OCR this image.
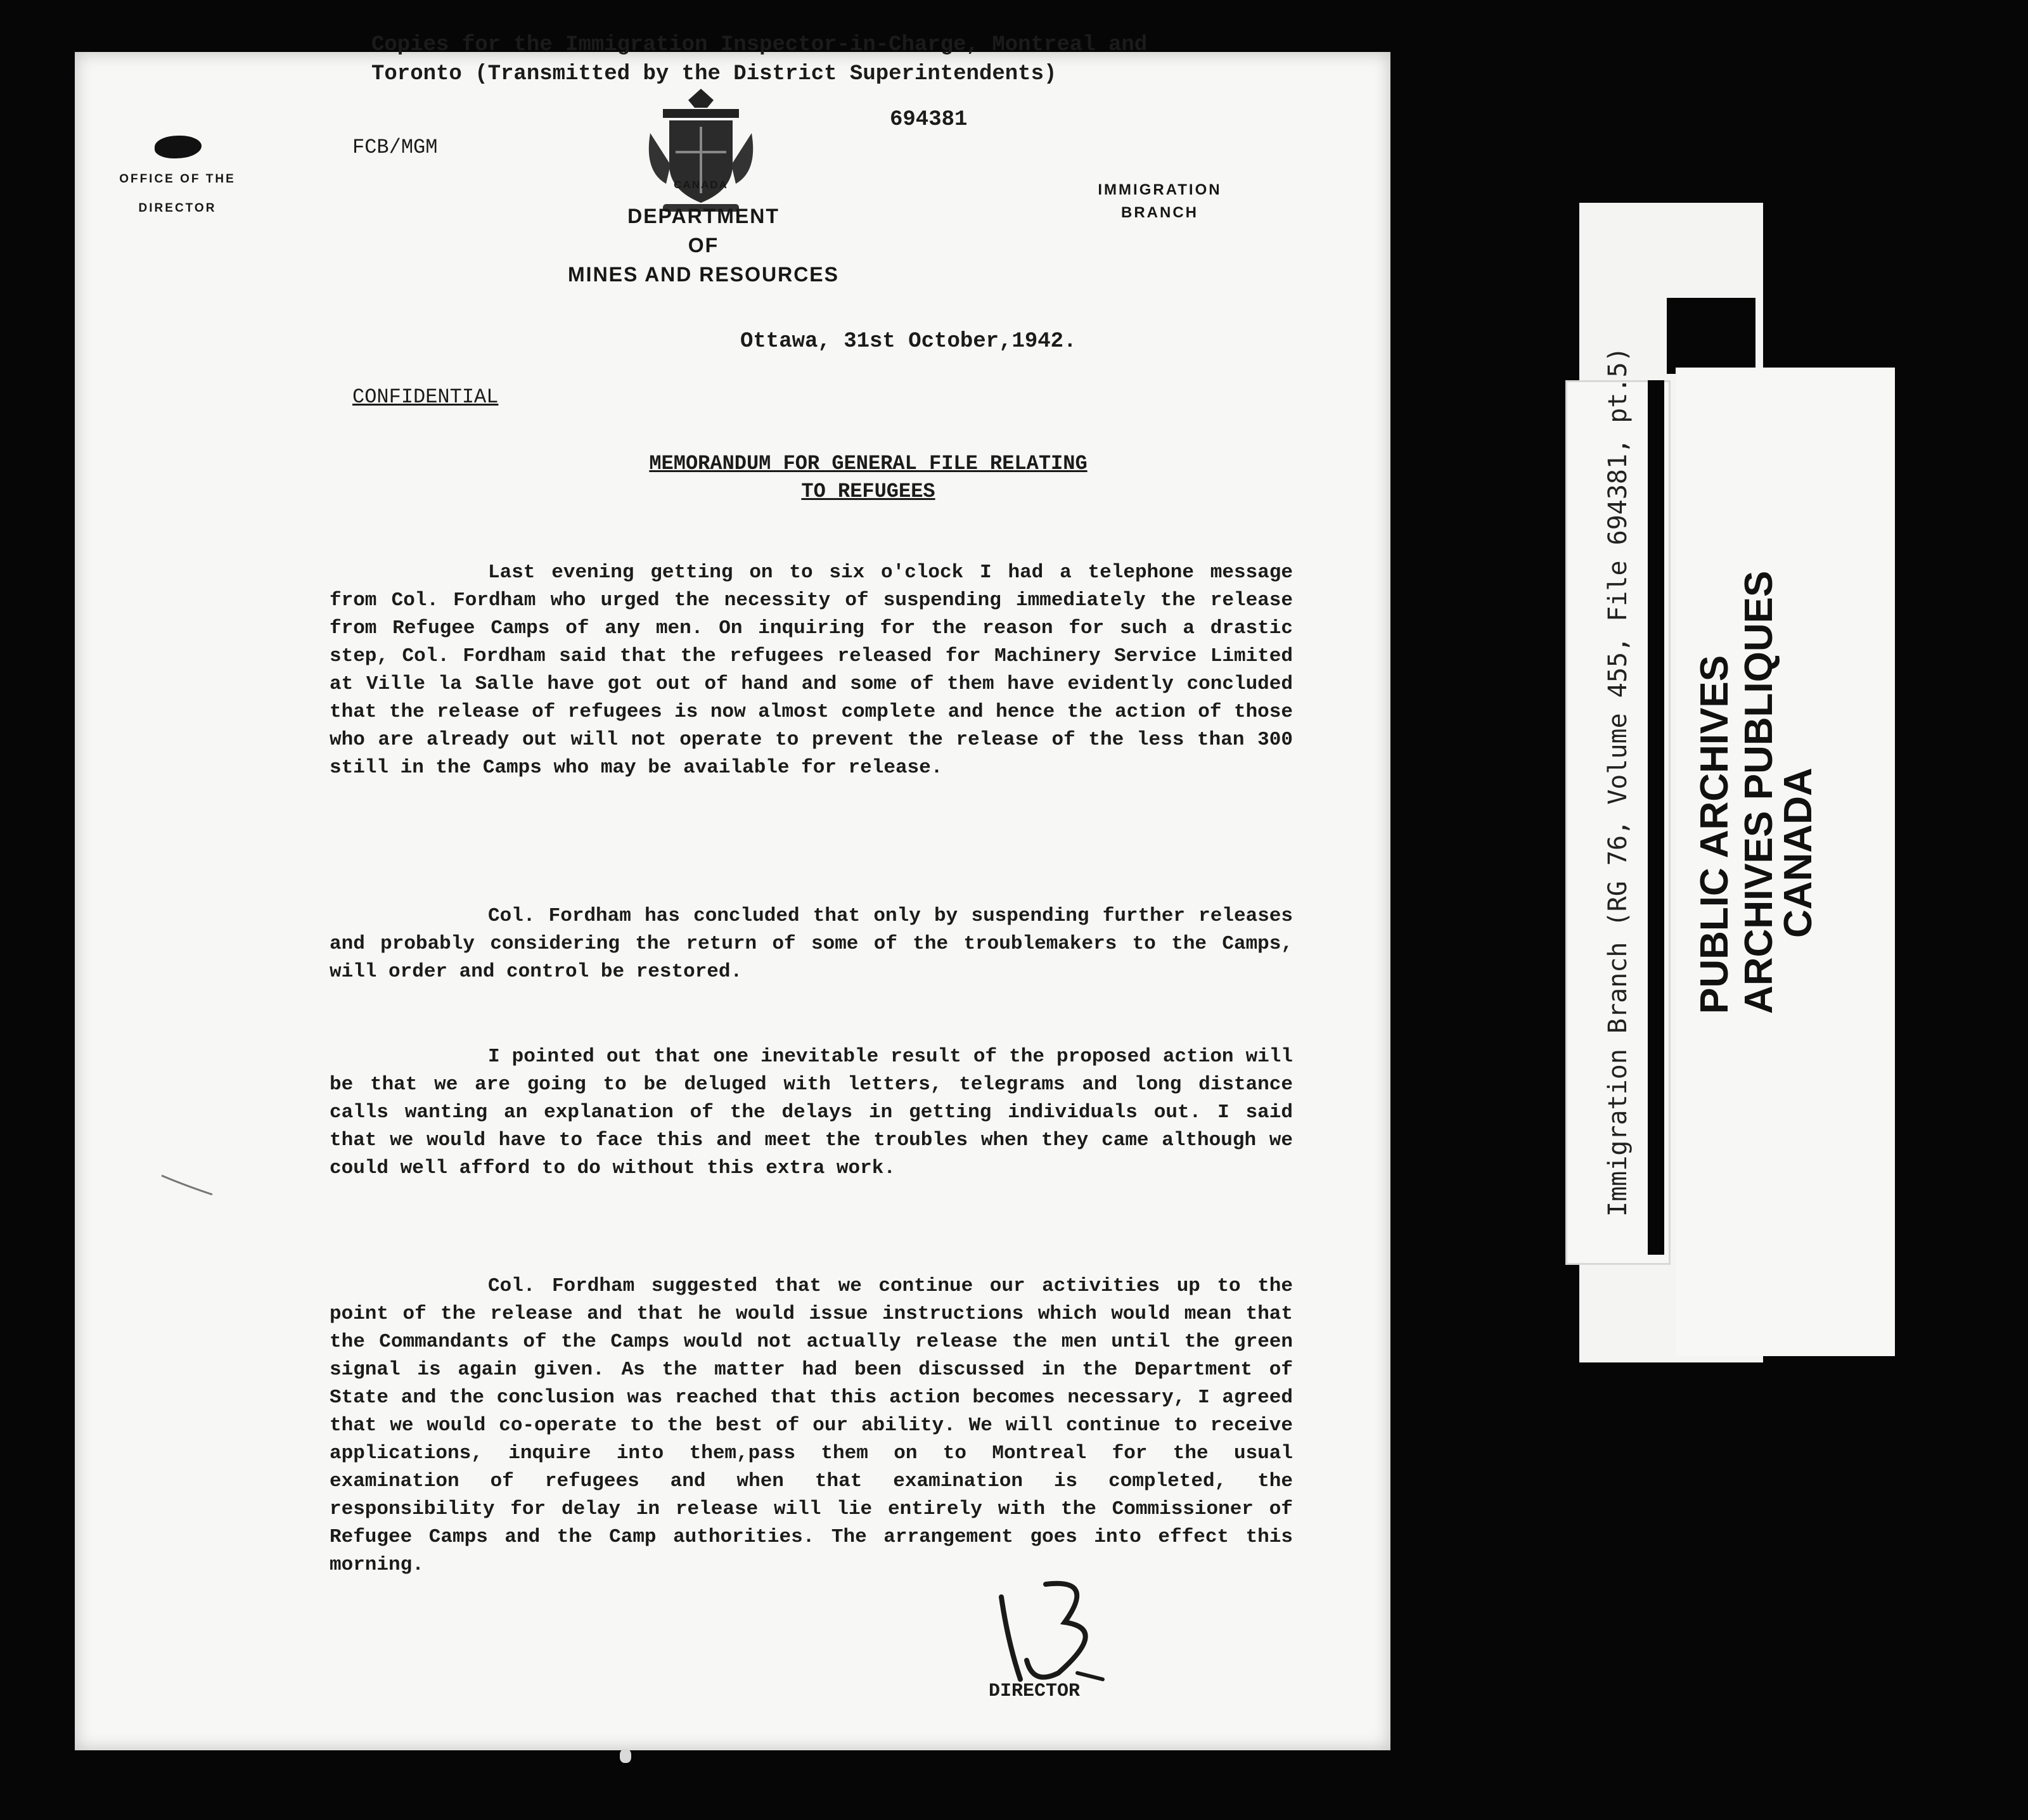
Copies for the Immigration Inspector-in-Charge, Montreal and
Toronto (Transmitted by the District Superintendents)
694381
FCB/MGM
OFFICE OF THE
DIRECTOR
CANADA
DEPARTMENT
OF
MINES AND RESOURCES
IMMIGRATION
BRANCH
Ottawa, 31st October,1942.
CONFIDENTIAL
MEMORANDUM FOR GENERAL FILE RELATING
TO REFUGEES
Last evening getting on to six o'clock I had a telephone message from Col. Fordham who urged the necessity of suspending immediately the release from Refugee Camps of any men. On inquiring for the reason for such a drastic step, Col. Fordham said that the refugees released for Machinery Service Limited at Ville la Salle have got out of hand and some of them have evidently concluded that the release of refugees is now almost complete and hence the action of those who are already out will not operate to prevent the release of the less than 300 still in the Camps who may be available for release.
Col. Fordham has concluded that only by suspending further releases and probably considering the return of some of the troublemakers to the Camps, will order and control be restored.
I pointed out that one inevitable result of the proposed action will be that we are going to be deluged with letters, telegrams and long distance calls wanting an explanation of the delays in getting individuals out. I said that we would have to face this and meet the troubles when they came although we could well afford to do without this extra work.
Col. Fordham suggested that we continue our activities up to the point of the release and that he would issue instructions which would mean that the Commandants of the Camps would not actually release the men until the green signal is again given. As the matter had been discussed in the Department of State and the conclusion was reached that this action becomes necessary, I agreed that we would co-operate to the best of our ability. We will continue to receive applications, inquire into them,pass them on to Montreal for the usual examination of refugees and when that examination is completed, the responsibility for delay in release will lie entirely with the Commissioner of Refugee Camps and the Camp authorities. The arrangement goes into effect this morning.
DIRECTOR
Immigration Branch (RG 76, Volume 455, File 694381, pt.5) PUBLIC ARCHIVES ARCHIVES PUBLIQUES
CANADA
